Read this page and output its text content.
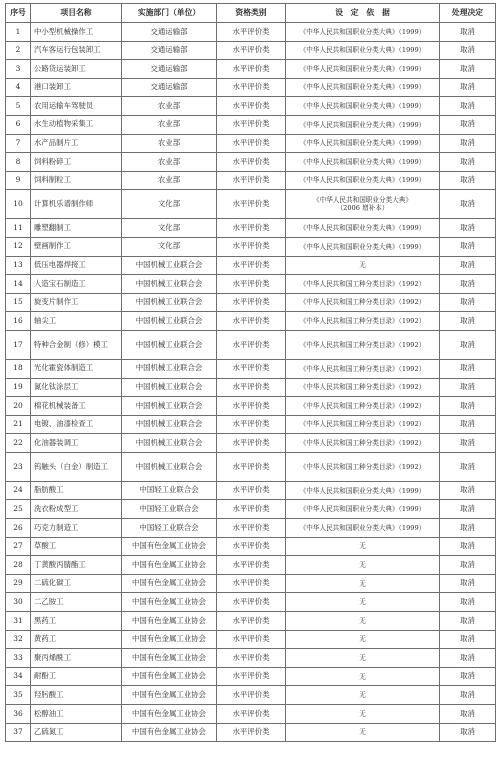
序号	项目名称	实施部门（单位）	资格类别	设　定　依　据	处理决定
1	中小型机械操作工	交通运输部	水平评价类	《中华人民共和国职业分类大典》（1999）	取消
2	汽车客运行包装卸工	交通运输部	水平评价类	《中华人民共和国职业分类大典》（1999）	取消
3	公路货运装卸工	交通运输部	水平评价类	《中华人民共和国职业分类大典》（1999）	取消
4	港口装卸工	交通运输部	水平评价类	《中华人民共和国职业分类大典》（1999）	取消
5	农用运输车驾驶员	农业部	水平评价类	《中华人民共和国职业分类大典》（1999）	取消
6	水生动植物采集工	农业部	水平评价类	《中华人民共和国职业分类大典》（1999）	取消
7	水产品制片工	农业部	水平评价类	《中华人民共和国职业分类大典》（1999）	取消
8	饲料粉碎工	农业部	水平评价类	《中华人民共和国职业分类大典》（1999）	取消
9	饲料制粒工	农业部	水平评价类	《中华人民共和国职业分类大典》（1999）	取消
10	计算机乐谱制作师	文化部	水平评价类	《中华人民共和国职业分类大典》
（2006 增补本）	取消
11	雕塑翻制工	文化部	水平评价类	《中华人民共和国职业分类大典》（1999）	取消
12	壁画制作工	文化部	水平评价类	《中华人民共和国职业分类大典》（1999）	取消
13	低压电器焊接工	中国机械工业联合会	水平评价类	无	取消
14	人造宝石制造工	中国机械工业联合会	水平评价类	《中华人民共和国工种分类目录》（1992）	取消
15	旋变片制作工	中国机械工业联合会	水平评价类	《中华人民共和国工种分类目录》（1992）	取消
16	轴尖工	中国机械工业联合会	水平评价类	《中华人民共和国工种分类目录》（1992）	取消
17	特种合金制（修）模工	中国机械工业联合会	水平评价类	《中华人民共和国工种分类目录》（1992）	取消
18	光化霍瓷体制造工	中国机械工业联合会	水平评价类	《中华人民共和国工种分类目录》（1992）	取消
19	氮化钛涂层工	中国机械工业联合会	水平评价类	《中华人民共和国工种分类目录》（1992）	取消
20	棉花机械装备工	中国机械工业联合会	水平评价类	《中华人民共和国工种分类目录》（1992）	取消
21	电镀、油漆检查工	中国机械工业联合会	水平评价类	《中华人民共和国工种分类目录》（1992）	取消
22	化油器装调工	中国机械工业联合会	水平评价类	《中华人民共和国工种分类目录》（1992）	取消
23	钨触头（白金）制造工	中国机械工业联合会	水平评价类	《中华人民共和国工种分类目录》（1992）	取消
24	脂肪酸工	中国轻工业联合会	水平评价类	《中华人民共和国职业分类大典》（1999）	取消
25	洗衣粉成型工	中国轻工业联合会	水平评价类	《中华人民共和国职业分类大典》（1999）	取消
26	巧克力制造工	中国轻工业联合会	水平评价类	《中华人民共和国职业分类大典》（1999）	取消
27	草酸工	中国有色金属工业协会	水平评价类	无	取消
28	丁黄酸丙腈酯工	中国有色金属工业协会	水平评价类	无	取消
29	二硫化碳工	中国有色金属工业协会	水平评价类	无	取消
30	二乙胺工	中国有色金属工业协会	水平评价类	无	取消
31	黑药工	中国有色金属工业协会	水平评价类	无	取消
32	黄药工	中国有色金属工业协会	水平评价类	无	取消
33	聚丙烯酰工	中国有色金属工业协会	水平评价类	无	取消
34	耐酚工	中国有色金属工业协会	水平评价类	无	取消
35	羟肟酸工	中国有色金属工业协会	水平评价类	无	取消
36	松醇油工	中国有色金属工业协会	水平评价类	无	取消
37	乙硫氮工	中国有色金属工业协会	水平评价类	无	取消
